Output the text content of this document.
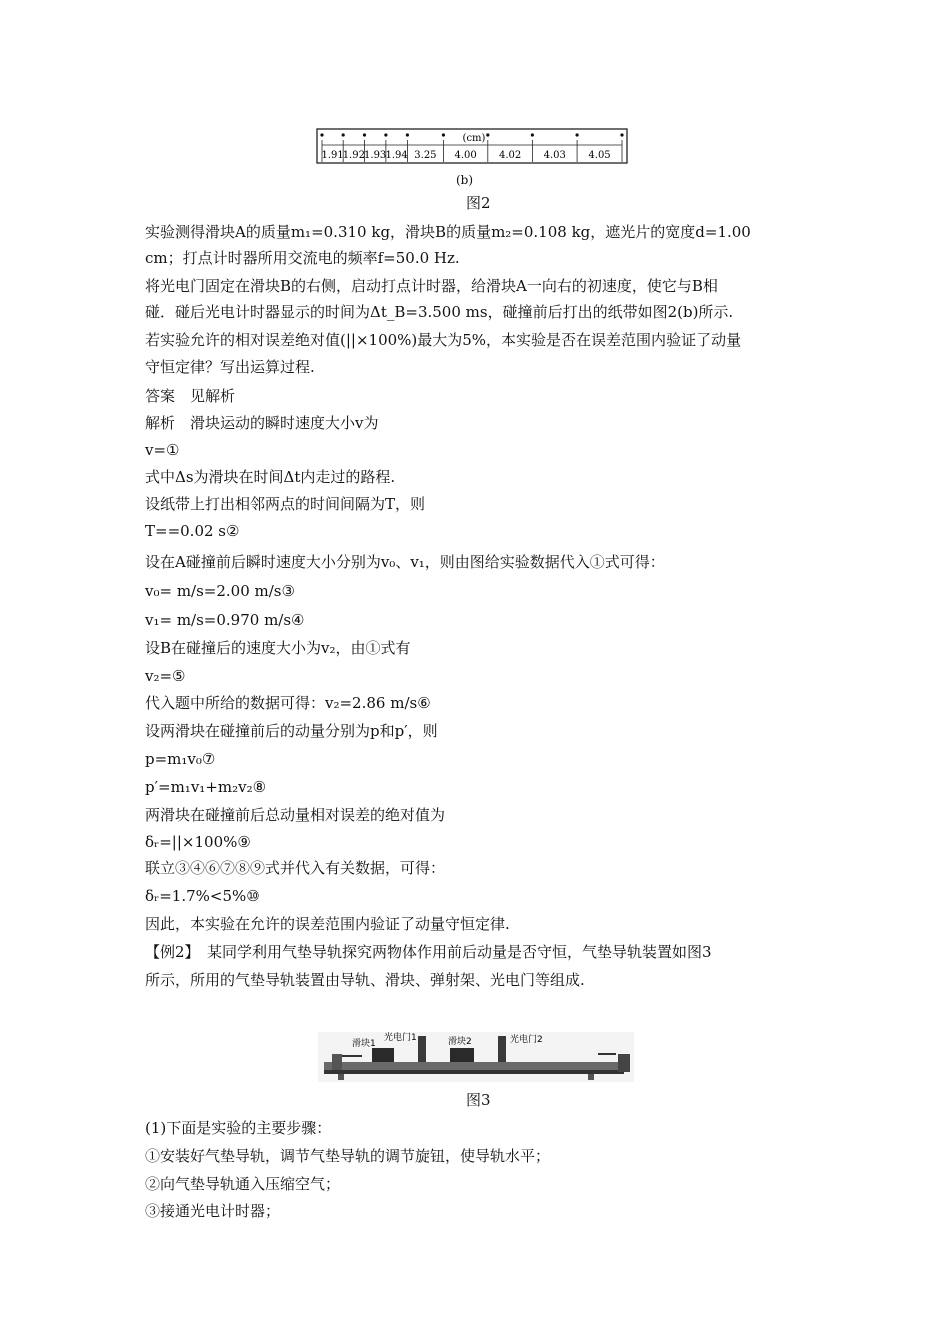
(cm)
1.91
1.92 1.93 1.94 3.25 4.00 4.02 4.03 4.05
(b)
图2
实验测得滑块A的质量m₁=0.310 kg，滑块B的质量m₂=0.108 kg，遮光片的宽度d=1.00
cm；打点计时器所用交流电的频率f=50.0 Hz.
将光电门固定在滑块B的右侧，启动打点计时器，给滑块A一向右的初速度，使它与B相
碰．碰后光电计时器显示的时间为Δt_B=3.500 ms，碰撞前后打出的纸带如图2(b)所示.
若实验允许的相对误差绝对值(||×100%)最大为5%，本实验是否在误差范围内验证了动量
守恒定律？写出运算过程.
答案　见解析
解析　滑块运动的瞬时速度大小v为
v=①
式中Δs为滑块在时间Δt内走过的路程.
设纸带上打出相邻两点的时间间隔为T，则
T==0.02 s②
设在A碰撞前后瞬时速度大小分别为v₀、v₁，则由图给实验数据代入①式可得：
v₀= m/s=2.00 m/s③
v₁= m/s=0.970 m/s④
设B在碰撞后的速度大小为v₂，由①式有
v₂=⑤
代入题中所给的数据可得：v₂=2.86 m/s⑥
设两滑块在碰撞前后的动量分别为p和p′，则
p=m₁v₀⑦
p′=m₁v₁+m₂v₂⑧
两滑块在碰撞前后总动量相对误差的绝对值为
δᵣ=||×100%⑨
联立③④⑥⑦⑧⑨式并代入有关数据，可得：
δᵣ=1.7%<5%⑩
因此，本实验在允许的误差范围内验证了动量守恒定律.
【例2】　某同学利用气垫导轨探究两物体作用前后动量是否守恒，气垫导轨装置如图3
所示，所用的气垫导轨装置由导轨、滑块、弹射架、光电门等组成.
滑块1
光电门1	滑块2	光电门2
图3
(1)下面是实验的主要步骤：
①安装好气垫导轨，调节气垫导轨的调节旋钮，使导轨水平；
②向气垫导轨通入压缩空气；
③接通光电计时器；
